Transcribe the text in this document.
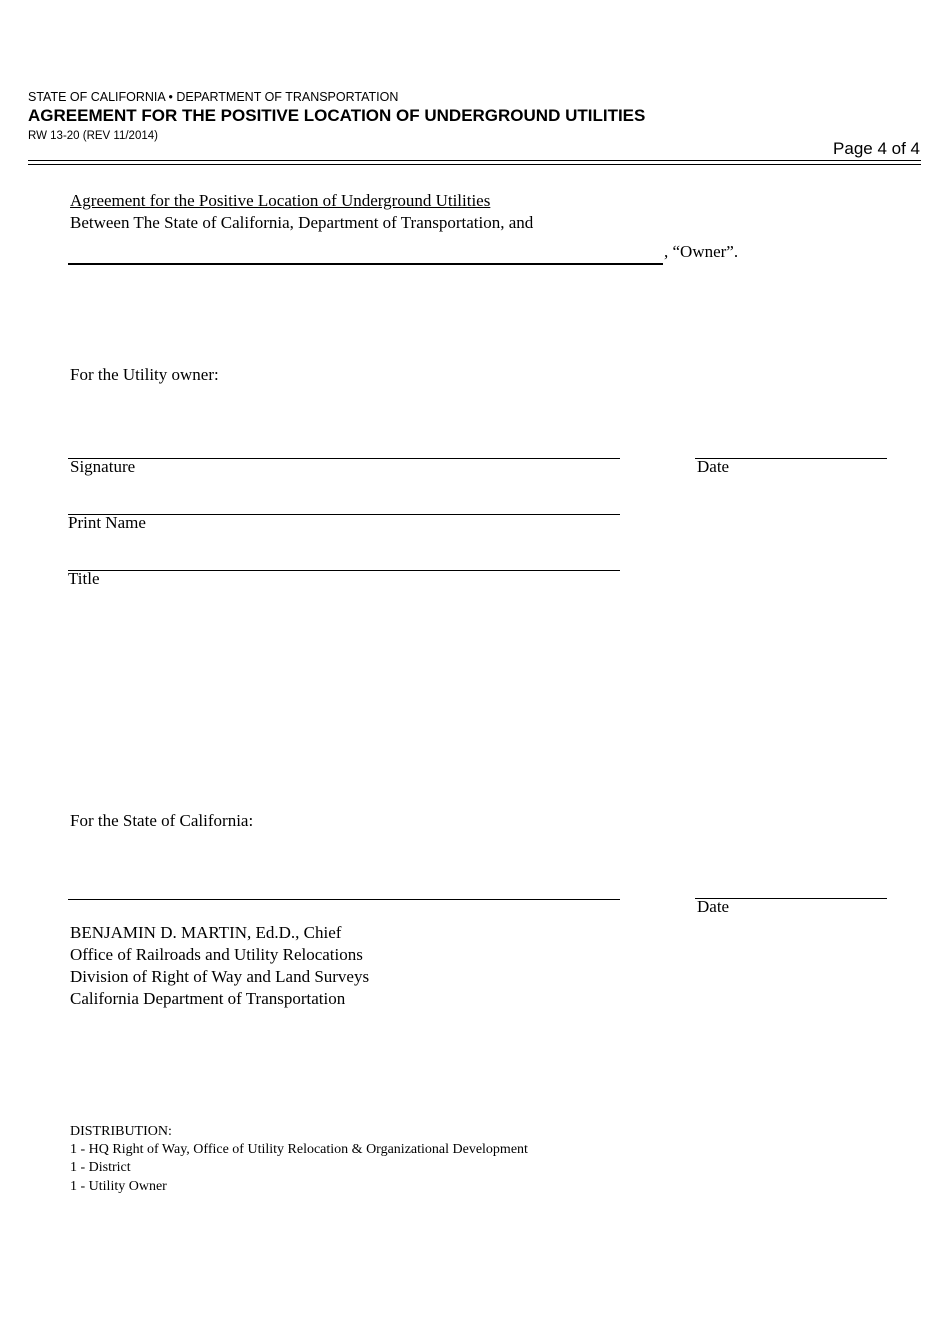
STATE OF CALIFORNIA • DEPARTMENT OF TRANSPORTATION
AGREEMENT FOR THE POSITIVE LOCATION OF UNDERGROUND UTILITIES
RW 13-20 (REV 11/2014)
Page 4 of 4
Agreement for the Positive Location of Underground Utilities
Between The State of California, Department of Transportation, and
, “Owner”.
For the Utility owner:
Signature	Date
Print Name
Title
For the State of California:
Date
BENJAMIN D. MARTIN, Ed.D., Chief
Office of Railroads and Utility Relocations
Division of Right of Way and Land Surveys
California Department of Transportation
DISTRIBUTION:
1 - HQ Right of Way, Office of Utility Relocation & Organizational Development
1 - District
1 - Utility Owner
